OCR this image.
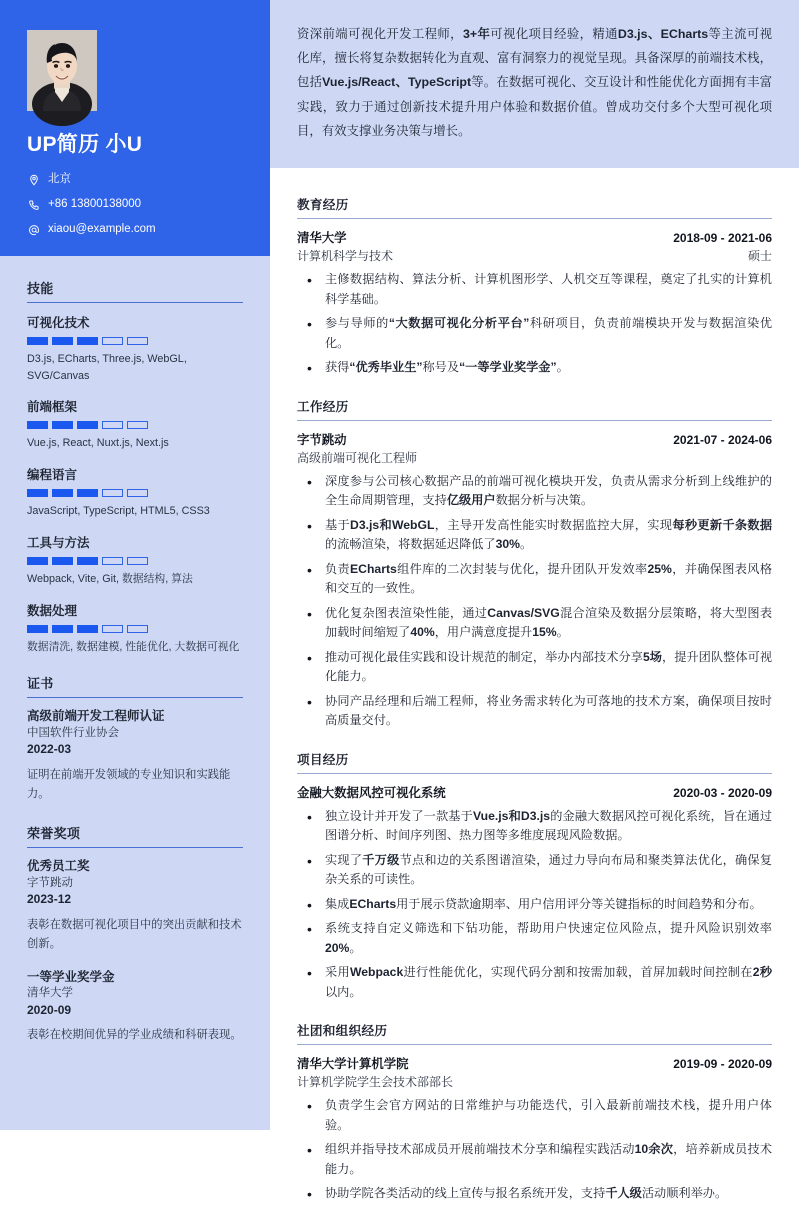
UP简历 小U
北京
+86 13800138000
xiaou@example.com
技能
可视化技术
D3.js, ECharts, Three.js, WebGL, SVG/Canvas
前端框架
Vue.js, React, Nuxt.js, Next.js
编程语言
JavaScript, TypeScript, HTML5, CSS3
工具与方法
Webpack, Vite, Git, 数据结构, 算法
数据处理
数据清洗, 数据建模, 性能优化, 大数据可视化
证书
高级前端开发工程师认证
中国软件行业协会
2022-03
证明在前端开发领域的专业知识和实践能力。
荣誉奖项
优秀员工奖
字节跳动
2023-12
表彰在数据可视化项目中的突出贡献和技术创新。
一等学业奖学金
清华大学
2020-09
表彰在校期间优异的学业成绩和科研表现。

资深前端可视化开发工程师，3+年可视化项目经验，精通D3.js、ECharts等主流可视化库，擅长将复杂数据转化为直观、富有洞察力的视觉呈现。具备深厚的前端技术栈，包括Vue.js/React、TypeScript等。在数据可视化、交互设计和性能优化方面拥有丰富实践，致力于通过创新技术提升用户体验和数据价值。曾成功交付多个大型可视化项目，有效支撑业务决策与增长。

教育经历
清华大学	2018-09 - 2021-06
计算机科学与技术	硕士
• 主修数据结构、算法分析、计算机图形学、人机交互等课程，奠定了扎实的计算机科学基础。
• 参与导师的“大数据可视化分析平台”科研项目，负责前端模块开发与数据渲染优化。
• 获得“优秀毕业生”称号及“一等学业奖学金”。
工作经历
字节跳动	2021-07 - 2024-06
高级前端可视化工程师
• 深度参与公司核心数据产品的前端可视化模块开发，负责从需求分析到上线维护的全生命周期管理，支持亿级用户数据分析与决策。
• 基于D3.js和WebGL，主导开发高性能实时数据监控大屏，实现每秒更新千条数据的流畅渲染，将数据延迟降低了30%。
• 负责ECharts组件库的二次封装与优化，提升团队开发效率25%，并确保图表风格和交互的一致性。
• 优化复杂图表渲染性能，通过Canvas/SVG混合渲染及数据分层策略，将大型图表加载时间缩短了40%，用户满意度提升15%。
• 推动可视化最佳实践和设计规范的制定，举办内部技术分享5场，提升团队整体可视化能力。
• 协同产品经理和后端工程师，将业务需求转化为可落地的技术方案，确保项目按时高质量交付。
项目经历
金融大数据风控可视化系统	2020-03 - 2020-09
• 独立设计并开发了一款基于Vue.js和D3.js的金融大数据风控可视化系统，旨在通过图谱分析、时间序列图、热力图等多维度展现风险数据。
• 实现了千万级节点和边的关系图谱渲染，通过力导向布局和聚类算法优化，确保复杂关系的可读性。
• 集成ECharts用于展示贷款逾期率、用户信用评分等关键指标的时间趋势和分布。
• 系统支持自定义筛选和下钻功能，帮助用户快速定位风险点，提升风险识别效率20%。
• 采用Webpack进行性能优化，实现代码分割和按需加载，首屏加载时间控制在2秒以内。
社团和组织经历
清华大学计算机学院	2019-09 - 2020-09
计算机学院学生会技术部部长
• 负责学生会官方网站的日常维护与功能迭代，引入最新前端技术栈，提升用户体验。
• 组织并指导技术部成员开展前端技术分享和编程实践活动10余次，培养新成员技术能力。
• 协助学院各类活动的线上宣传与报名系统开发，支持千人级活动顺利举办。
